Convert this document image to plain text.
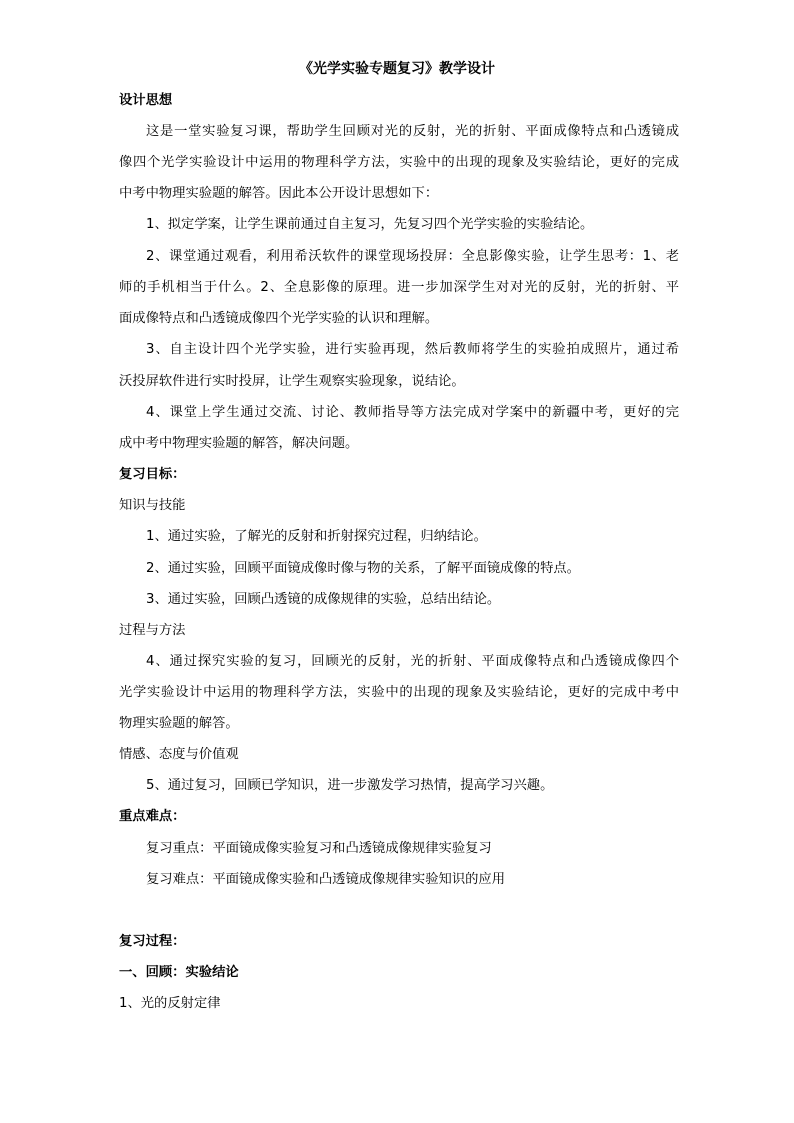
《光学实验专题复习》教学设计
设计思想
这是一堂实验复习课，帮助学生回顾对光的反射，光的折射、平面成像特点和凸透镜成
像四个光学实验设计中运用的物理科学方法，实验中的出现的现象及实验结论，更好的完成
中考中物理实验题的解答。因此本公开设计思想如下：
1、拟定学案，让学生课前通过自主复习，先复习四个光学实验的实验结论。
2、课堂通过观看，利用希沃软件的课堂现场投屏：全息影像实验，让学生思考：1、老
师的手机相当于什么。2、全息影像的原理。进一步加深学生对对光的反射，光的折射、平
面成像特点和凸透镜成像四个光学实验的认识和理解。
3、自主设计四个光学实验，进行实验再现，然后教师将学生的实验拍成照片，通过希
沃投屏软件进行实时投屏，让学生观察实验现象，说结论。
4、课堂上学生通过交流、讨论、教师指导等方法完成对学案中的新疆中考，更好的完
成中考中物理实验题的解答，解决问题。
复习目标：
知识与技能
1、通过实验，了解光的反射和折射探究过程，归纳结论。
2、通过实验，回顾平面镜成像时像与物的关系，了解平面镜成像的特点。
3、通过实验，回顾凸透镜的成像规律的实验，总结出结论。
过程与方法
4、通过探究实验的复习，回顾光的反射，光的折射、平面成像特点和凸透镜成像四个
光学实验设计中运用的物理科学方法，实验中的出现的现象及实验结论，更好的完成中考中
物理实验题的解答。
情感、态度与价值观
5、通过复习，回顾已学知识，进一步激发学习热情，提高学习兴趣。
重点难点：
复习重点：平面镜成像实验复习和凸透镜成像规律实验复习
复习难点：平面镜成像实验和凸透镜成像规律实验知识的应用
复习过程：
一、回顾：实验结论
1、光的反射定律
